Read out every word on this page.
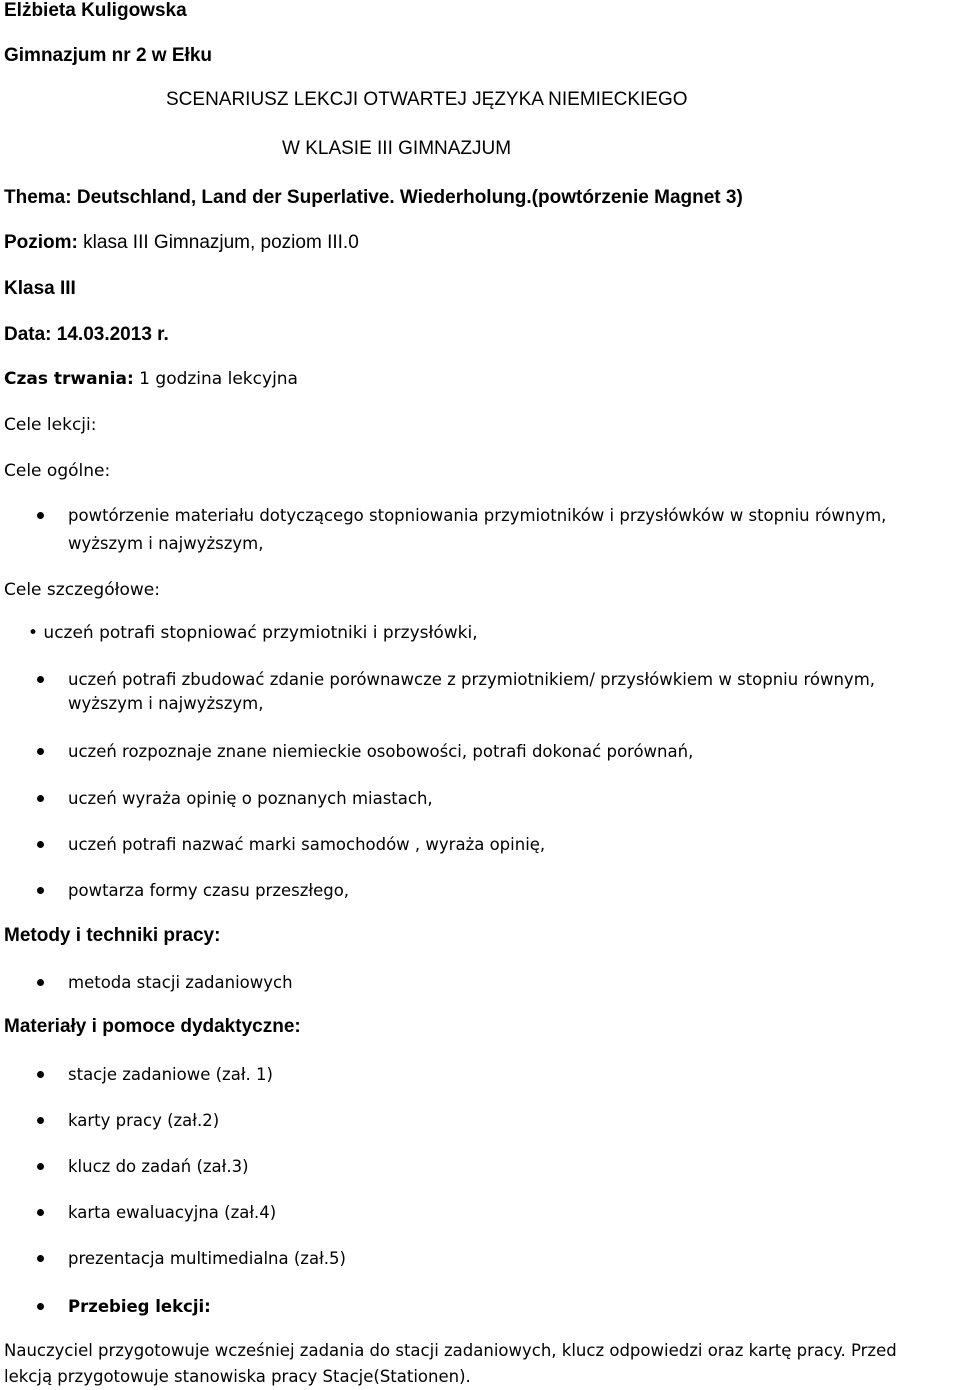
Elżbieta Kuligowska
Gimnazjum nr 2 w Ełku
SCENARIUSZ LEKCJI OTWARTEJ JĘZYKA NIEMIECKIEGO
W KLASIE III GIMNAZJUM
Thema: Deutschland, Land der Superlative. Wiederholung.(powtórzenie Magnet 3)
Poziom: klasa III Gimnazjum, poziom III.0
Klasa III
Data: 14.03.2013 r.
Czas trwania: 1 godzina lekcyjna
Cele lekcji:
Cele ogólne:
powtórzenie materiału dotyczącego stopniowania przymiotników i przysłówków w stopniu równym,
wyższym i najwyższym,
Cele szczegółowe:
• uczeń potrafi stopniować przymiotniki i przysłówki,
uczeń potrafi zbudować zdanie porównawcze z przymiotnikiem/ przysłówkiem w stopniu równym,
wyższym i najwyższym,
uczeń rozpoznaje znane niemieckie osobowości, potrafi dokonać porównań,
uczeń wyraża opinię o poznanych miastach,
uczeń potrafi nazwać marki samochodów , wyraża opinię,
powtarza formy czasu przeszłego,
Metody i techniki pracy:
metoda stacji zadaniowych
Materiały i pomoce dydaktyczne:
stacje zadaniowe (zał. 1)
karty pracy (zał.2)
klucz do zadań (zał.3)
karta ewaluacyjna (zał.4)
prezentacja multimedialna (zał.5)
Przebieg lekcji:
Nauczyciel przygotowuje wcześniej zadania do stacji zadaniowych, klucz odpowiedzi oraz kartę pracy. Przed
lekcją przygotowuje stanowiska pracy Stacje(Stationen).
